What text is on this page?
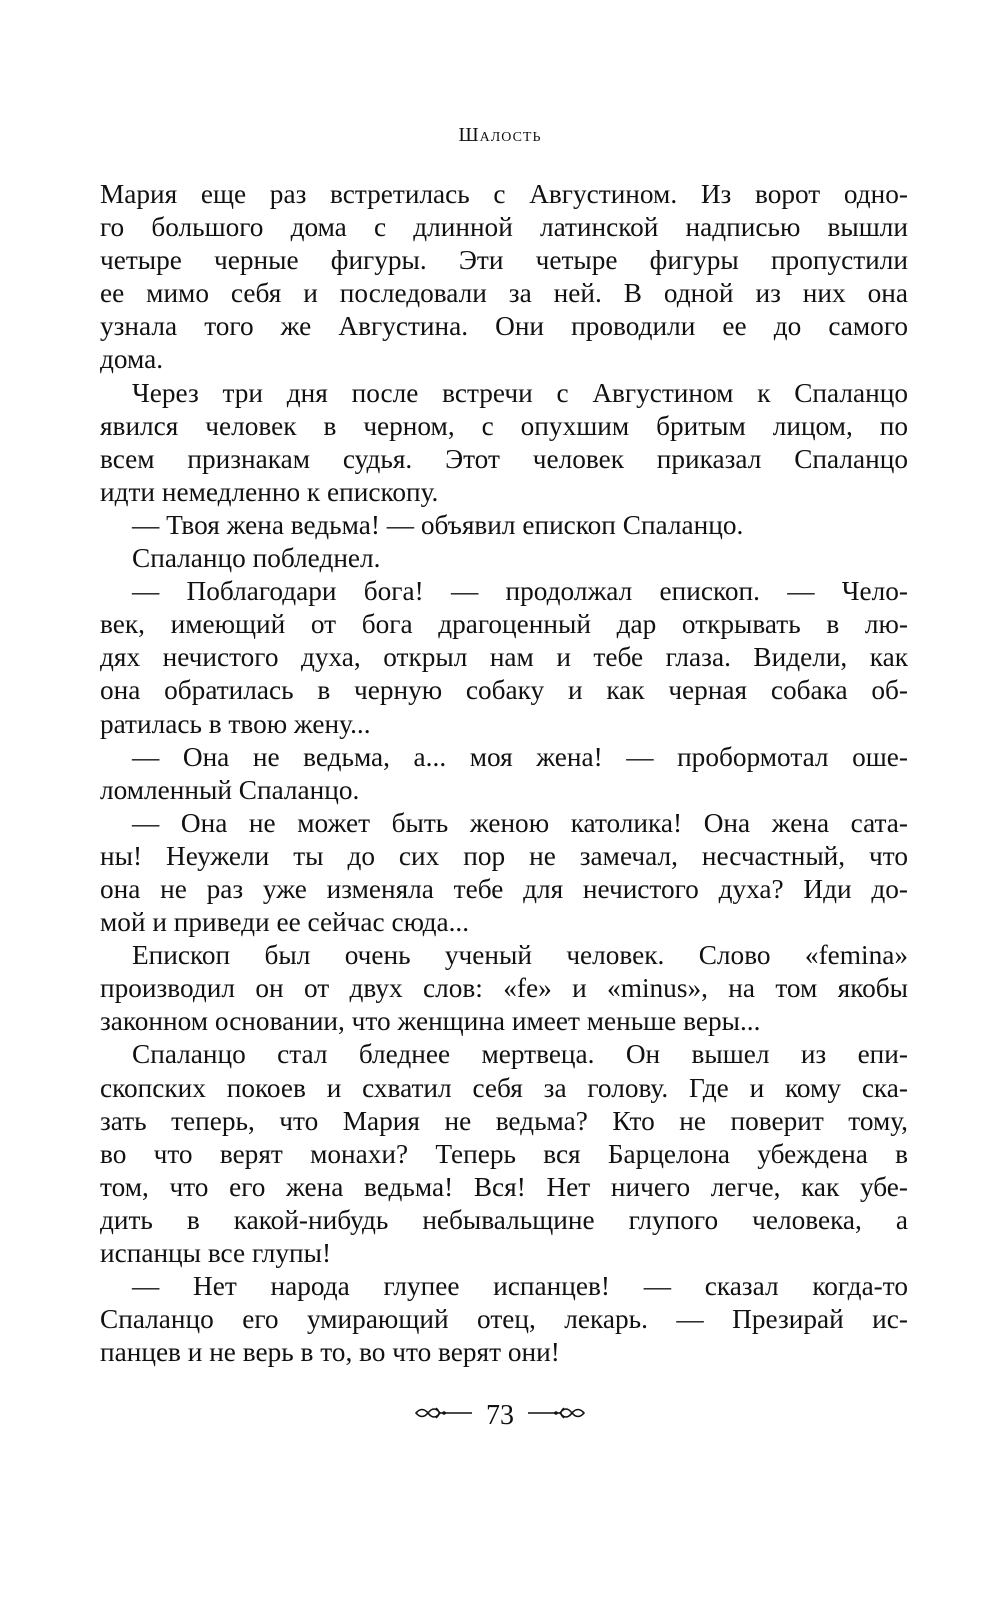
Шалость
Мария еще раз встретилась с Августином. Из ворот одно-
го большого дома с длинной латинской надписью вышли
четыре черные фигуры. Эти четыре фигуры пропустили
ее мимо себя и последовали за ней. В одной из них она
узнала того же Августина. Они проводили ее до самого
дома.
Через три дня после встречи с Августином к Спаланцо
явился человек в черном, с опухшим бритым лицом, по
всем признакам судья. Этот человек приказал Спаланцо
идти немедленно к епископу.
— Твоя жена ведьма! — объявил епископ Спаланцо.
Спаланцо побледнел.
— Поблагодари бога! — продолжал епископ. — Чело-
век, имеющий от бога драгоценный дар открывать в лю-
дях нечистого духа, открыл нам и тебе глаза. Видели, как
она обратилась в черную собаку и как черная собака об-
ратилась в твою жену...
— Она не ведьма, а... моя жена! — пробормотал оше-
ломленный Спаланцо.
— Она не может быть женою католика! Она жена сата-
ны! Неужели ты до сих пор не замечал, несчастный, что
она не раз уже изменяла тебе для нечистого духа? Иди до-
мой и приведи ее сейчас сюда...
Епископ был очень ученый человек. Слово «femina»
производил он от двух слов: «fe» и «minus», на том якобы
законном основании, что женщина имеет меньше веры...
Спаланцо стал бледнее мертвеца. Он вышел из епи-
скопских покоев и схватил себя за голову. Где и кому ска-
зать теперь, что Мария не ведьма? Кто не поверит тому,
во что верят монахи? Теперь вся Барцелона убеждена в
том, что его жена ведьма! Вся! Нет ничего легче, как убе-
дить в какой-нибудь небывальщине глупого человека, а
испанцы все глупы!
— Нет народа глупее испанцев! — сказал когда-то
Спаланцо его умирающий отец, лекарь. — Презирай ис-
панцев и не верь в то, во что верят они!
73
